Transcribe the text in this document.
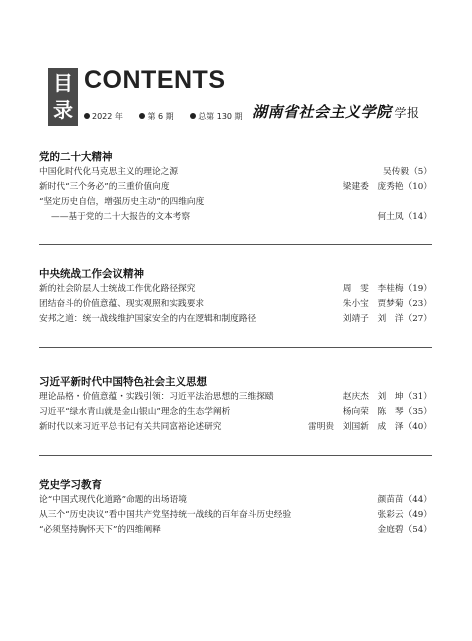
目
录
CONTENTS
2022 年	第 6 期	总第 130 期 湖南省社会主义学院 学报
党的二十大精神
中国化时代化马克思主义的理论之源	吴传毅（5）
新时代“三个务必”的三重价值向度	梁建委　庞秀艳（10）
“坚定历史自信，增强历史主动”的四维向度
——基于党的二十大报告的文本考察	何土凤（14）
中央统战工作会议精神
新的社会阶层人士统战工作优化路径探究	周　雯　李桂梅（19）
团结奋斗的价值意蕴、现实观照和实践要求	朱小宝　贾梦菊（23）
安邦之道：统一战线维护国家安全的内在逻辑和制度路径	刘靖子　刘　洋（27）
习近平新时代中国特色社会主义思想
理论品格・价值意蕴・实践引领：习近平法治思想的三维探赜	赵庆杰　刘　坤（31）
习近平“绿水青山就是金山银山”理念的生态学阐析	杨向荣　陈　琴（35）
新时代以来习近平总书记有关共同富裕论述研究	雷明贵　刘国新　成　泽（40）
党史学习教育
论“中国式现代化道路”命题的出场语境	颜苗苗（44）
从三个“历史决议”看中国共产党坚持统一战线的百年奋斗历史经验	张彩云（49）
“必须坚持胸怀天下”的四维阐释	金庭碧（54）
